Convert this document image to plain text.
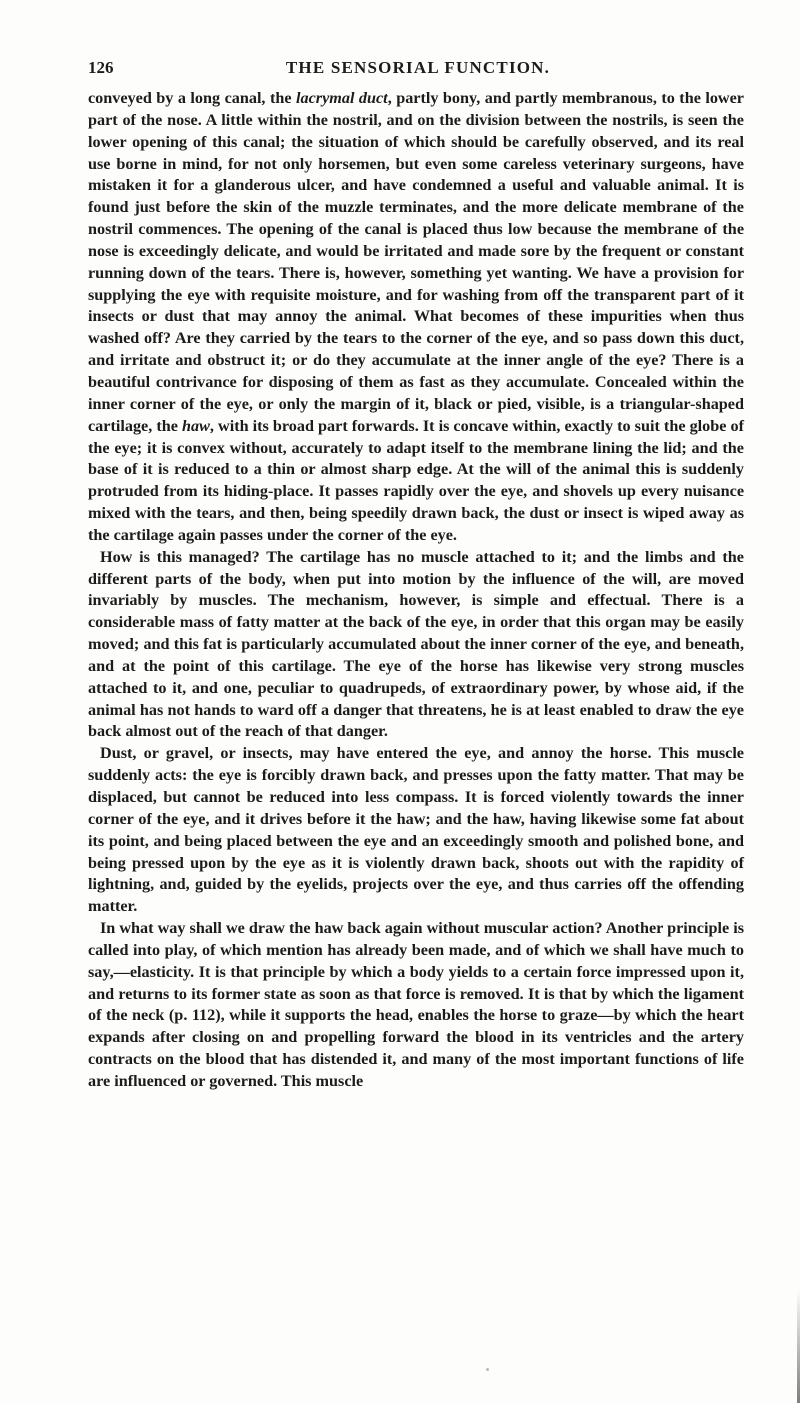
126	THE SENSORIAL FUNCTION.

conveyed by a long canal, the lacrymal duct, partly bony, and partly membranous, to the lower part of the nose. A little within the nostril, and on the division between the nostrils, is seen the lower opening of this canal; the situation of which should be carefully observed, and its real use borne in mind, for not only horsemen, but even some careless veterinary surgeons, have mistaken it for a glanderous ulcer, and have condemned a useful and valuable animal. It is found just before the skin of the muzzle terminates, and the more delicate membrane of the nostril commences. The opening of the canal is placed thus low because the membrane of the nose is exceedingly delicate, and would be irritated and made sore by the frequent or constant running down of the tears. There is, however, something yet wanting. We have a provision for supplying the eye with requisite moisture, and for washing from off the transparent part of it insects or dust that may annoy the animal. What becomes of these impurities when thus washed off? Are they carried by the tears to the corner of the eye, and so pass down this duct, and irritate and obstruct it; or do they accumulate at the inner angle of the eye? There is a beautiful contrivance for disposing of them as fast as they accumulate. Concealed within the inner corner of the eye, or only the margin of it, black or pied, visible, is a triangular-shaped cartilage, the haw, with its broad part forwards. It is concave within, exactly to suit the globe of the eye; it is convex without, accurately to adapt itself to the membrane lining the lid; and the base of it is reduced to a thin or almost sharp edge. At the will of the animal this is suddenly protruded from its hiding-place. It passes rapidly over the eye, and shovels up every nuisance mixed with the tears, and then, being speedily drawn back, the dust or insect is wiped away as the cartilage again passes under the corner of the eye.

How is this managed? The cartilage has no muscle attached to it; and the limbs and the different parts of the body, when put into motion by the influence of the will, are moved invariably by muscles. The mechanism, however, is simple and effectual. There is a considerable mass of fatty matter at the back of the eye, in order that this organ may be easily moved; and this fat is particularly accumulated about the inner corner of the eye, and beneath, and at the point of this cartilage. The eye of the horse has likewise very strong muscles attached to it, and one, peculiar to quadrupeds, of extraordinary power, by whose aid, if the animal has not hands to ward off a danger that threatens, he is at least enabled to draw the eye back almost out of the reach of that danger.

Dust, or gravel, or insects, may have entered the eye, and annoy the horse. This muscle suddenly acts: the eye is forcibly drawn back, and presses upon the fatty matter. That may be displaced, but cannot be reduced into less compass. It is forced violently towards the inner corner of the eye, and it drives before it the haw; and the haw, having likewise some fat about its point, and being placed between the eye and an exceedingly smooth and polished bone, and being pressed upon by the eye as it is violently drawn back, shoots out with the rapidity of lightning, and, guided by the eyelids, projects over the eye, and thus carries off the offending matter.

In what way shall we draw the haw back again without muscular action? Another principle is called into play, of which mention has already been made, and of which we shall have much to say,—elasticity. It is that principle by which a body yields to a certain force impressed upon it, and returns to its former state as soon as that force is removed. It is that by which the ligament of the neck (p. 112), while it supports the head, enables the horse to graze—by which the heart expands after closing on and propelling forward the blood in its ventricles and the artery contracts on the blood that has distended it, and many of the most important functions of life are influenced or governed. This muscle
